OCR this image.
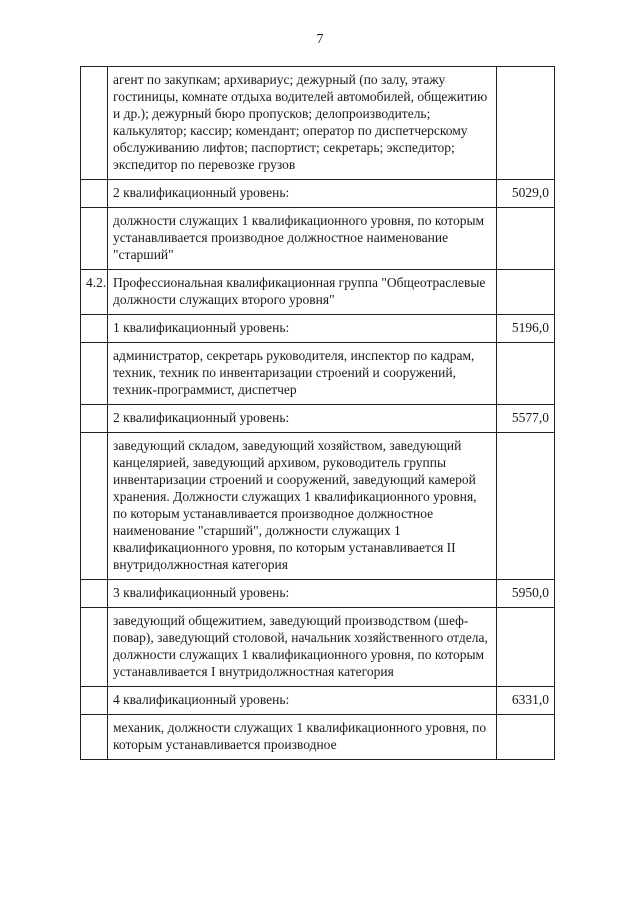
7
	агент по закупкам; архивариус; дежурный (по залу, этажу гостиницы, комнате отдыха водителей автомобилей, общежитию и др.); дежурный бюро пропусков; делопроизводитель; калькулятор; кассир; комендант; оператор по диспетчерскому обслуживанию лифтов; паспортист; секретарь; экспедитор; экспедитор по перевозке грузов	
	2 квалификационный уровень:	5029,0
	должности служащих 1 квалификационного уровня, по которым устанавливается производное должностное наименование "старший"	
4.2.	Профессиональная квалификационная группа "Общеотраслевые должности служащих второго уровня"	
	1 квалификационный уровень:	5196,0
	администратор, секретарь руководителя, инспектор по кадрам, техник, техник по инвентаризации строений и сооружений, техник-программист, диспетчер	
	2 квалификационный уровень:	5577,0
	заведующий складом, заведующий хозяйством, заведующий канцелярией, заведующий архивом, руководитель группы инвентаризации строений и сооружений, заведующий камерой хранения. Должности служащих 1 квалификационного уровня, по которым устанавливается производное должностное наименование "старший", должности служащих 1 квалификационного уровня, по которым устанавливается II внутридолжностная категория	
	3 квалификационный уровень:	5950,0
	заведующий общежитием, заведующий производством (шеф-повар), заведующий столовой, начальник хозяйственного отдела, должности служащих 1 квалификационного уровня, по которым устанавливается I внутридолжностная категория	
	4 квалификационный уровень:	6331,0
	механик, должности служащих 1 квалификационного уровня, по которым устанавливается производное	
